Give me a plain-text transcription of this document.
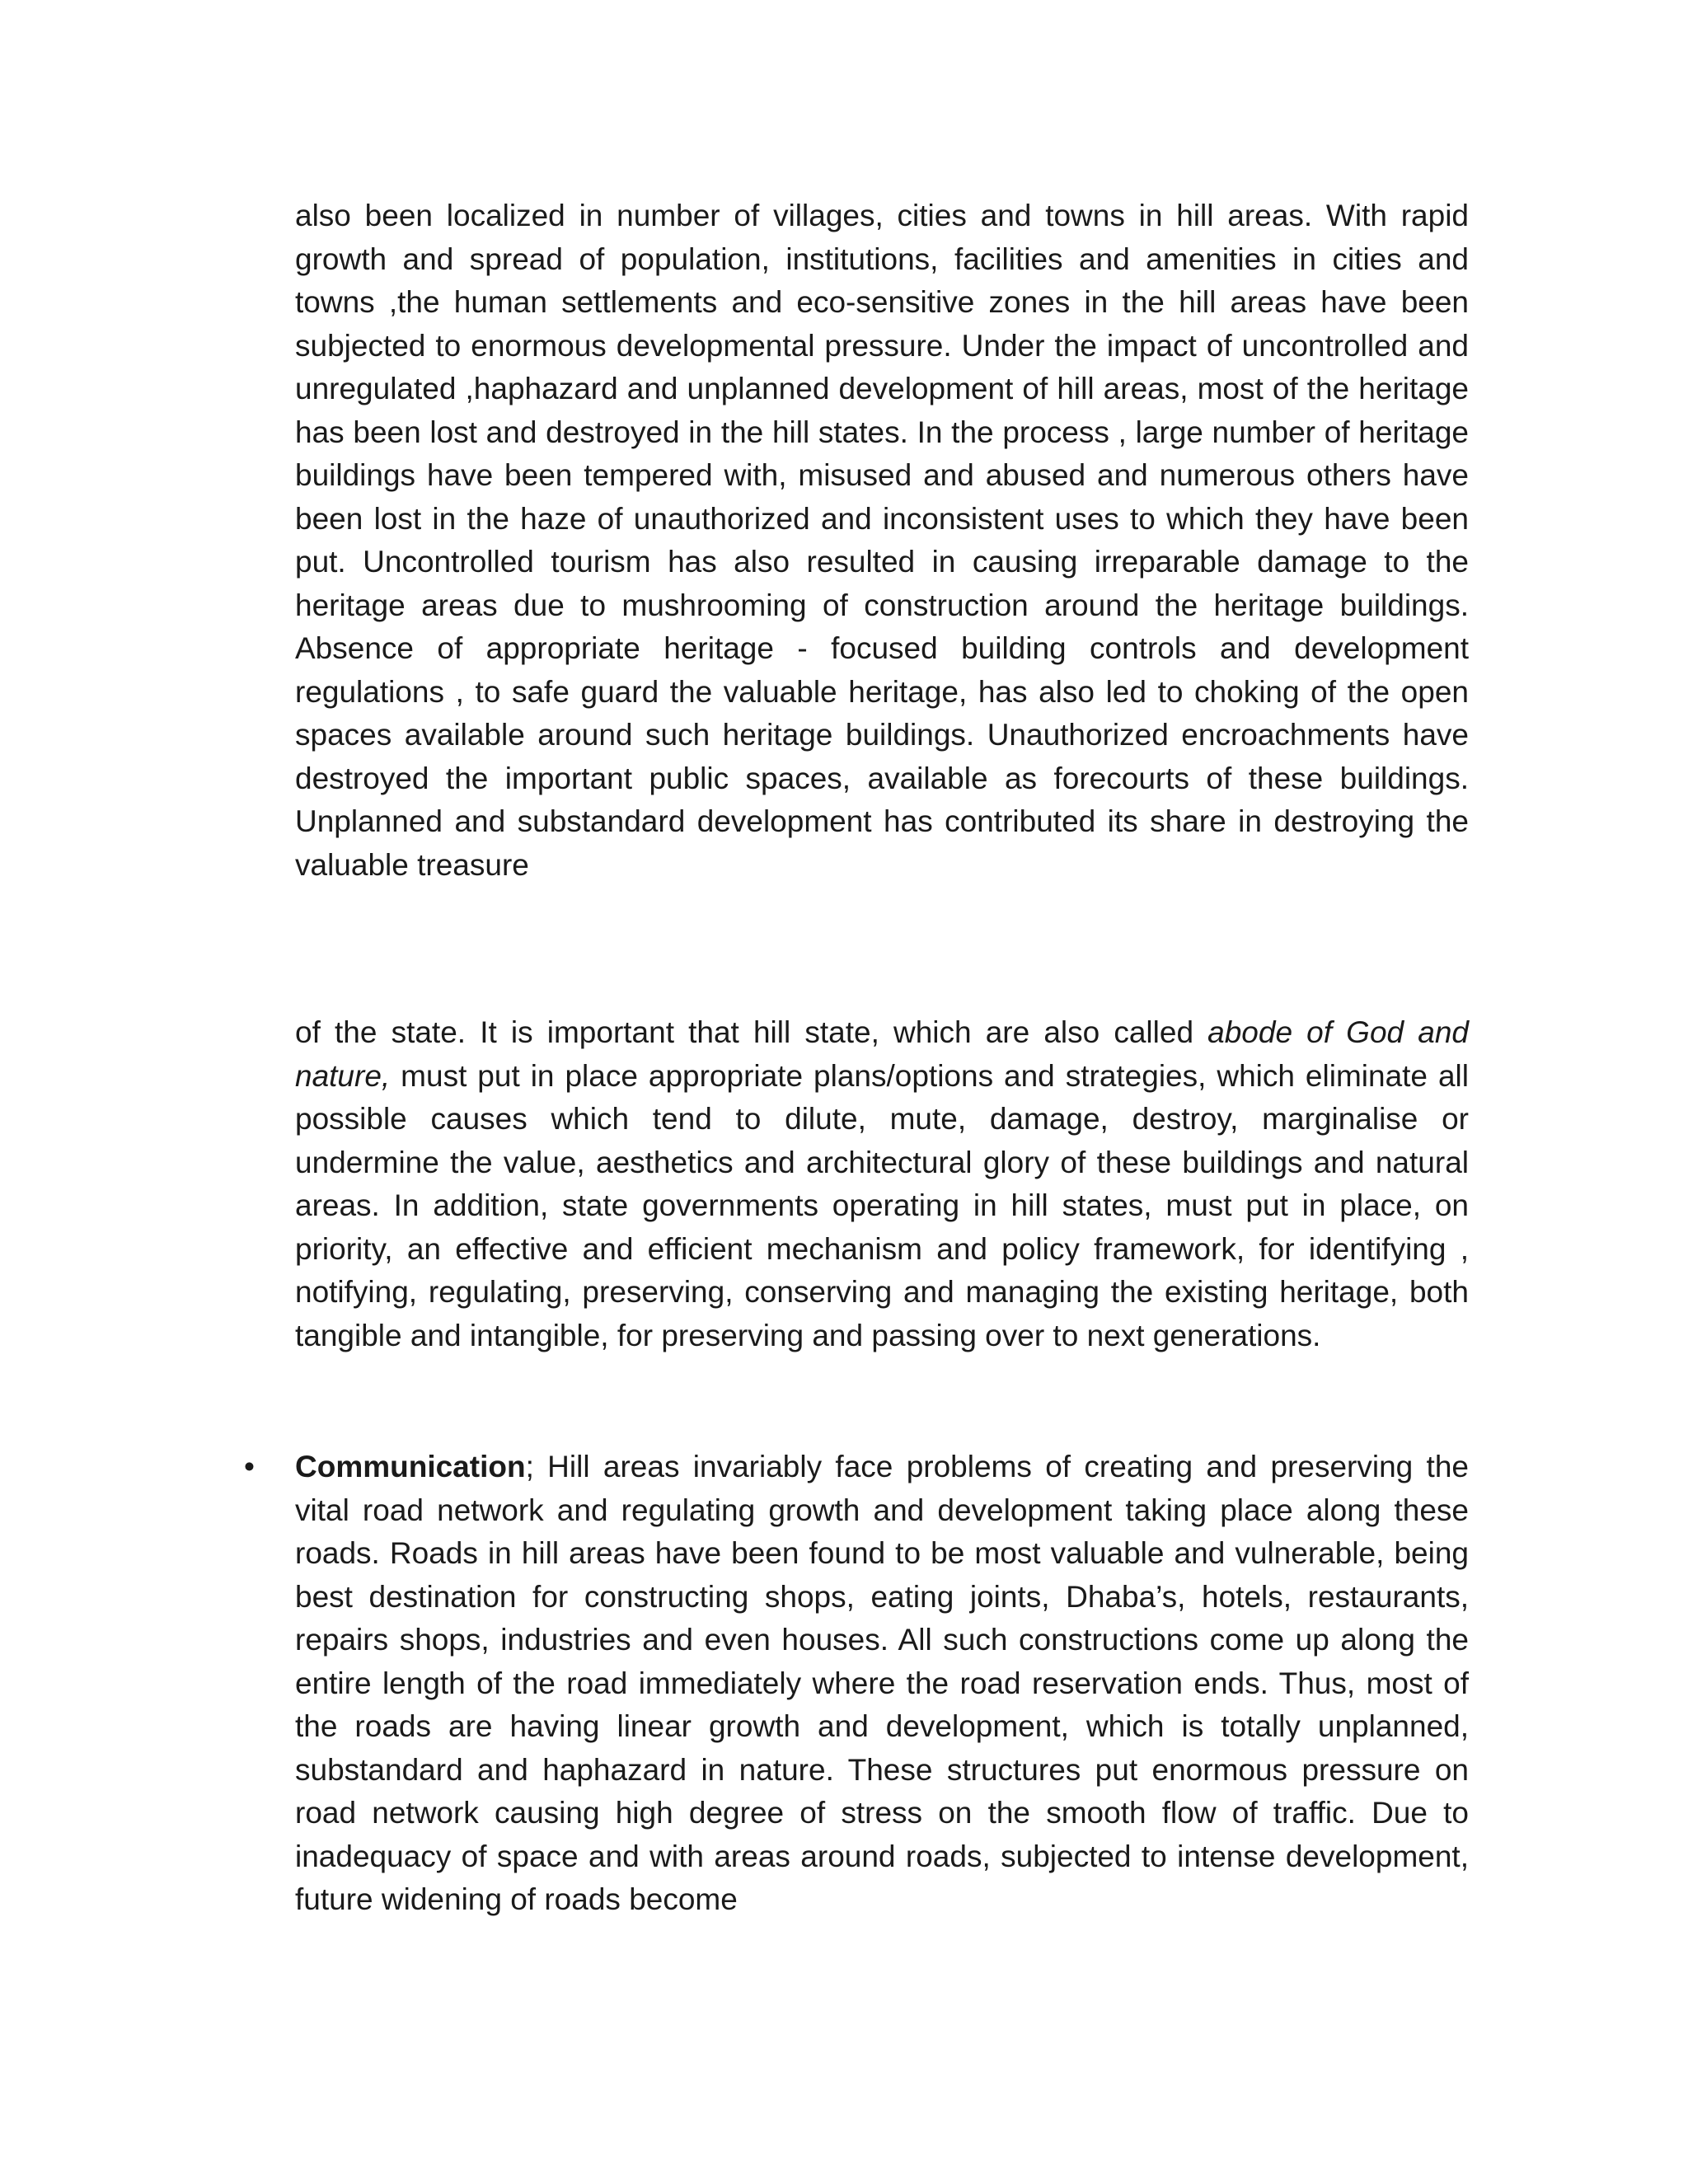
also been localized in number of villages, cities and towns in hill areas. With rapid growth and spread of population, institutions, facilities and amenities in cities and towns ,the human settlements and eco-sensitive zones in the hill areas have been subjected to enormous developmental pressure. Under the impact of uncontrolled and unregulated ,haphazard and unplanned development of hill areas, most of the heritage has been lost and destroyed in the hill states. In the process , large number of heritage buildings have been tempered with, misused and abused and numerous others have been lost in the haze of unauthorized and inconsistent uses to which they have been put. Uncontrolled tourism has also resulted in causing irreparable damage to the heritage areas due to mushrooming of construction around the heritage buildings. Absence of appropriate heritage - focused building controls and development regulations , to safe guard the valuable heritage, has also led to choking of the open spaces available around such heritage buildings. Unauthorized encroachments have destroyed the important public spaces, available as forecourts of these buildings. Unplanned and substandard development has contributed its share in destroying the valuable treasure

of the state. It is important that hill state, which are also called abode of God and nature, must put in place appropriate plans/options and strategies, which eliminate all possible causes which tend to dilute, mute, damage, destroy, marginalise or undermine the value, aesthetics and architectural glory of these buildings and natural areas. In addition, state governments operating in hill states, must put in place, on priority, an effective and efficient mechanism and policy framework, for identifying , notifying, regulating, preserving, conserving and managing the existing heritage, both tangible and intangible, for preserving and passing over to next generations.

• Communication; Hill areas invariably face problems of creating and preserving the vital road network and regulating growth and development taking place along these roads. Roads in hill areas have been found to be most valuable and vulnerable, being best destination for constructing shops, eating joints, Dhaba’s, hotels, restaurants, repairs shops, industries and even houses. All such constructions come up along the entire length of the road immediately where the road reservation ends. Thus, most of the roads are having linear growth and development, which is totally unplanned, substandard and haphazard in nature. These structures put enormous pressure on road network causing high degree of stress on the smooth flow of traffic. Due to inadequacy of space and with areas around roads, subjected to intense development, future widening of roads become
